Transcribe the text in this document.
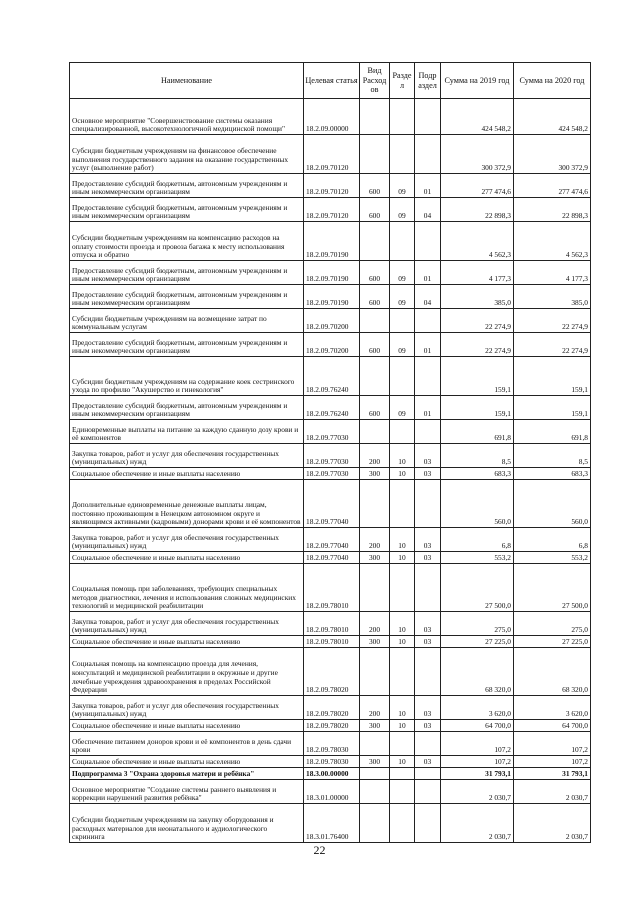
Наименование	Целевая статья	Вид Расход ов	Разде л	Подр аздел	Сумма на 2019 год	Сумма на 2020 год
Основное мероприятие "Совершенствование системы оказания специализированной, высокотехнологичной медицинской помощи"	18.2.09.00000				424 548,2	424 548,2
Субсидии бюджетным учреждениям на финансовое обеспечение выполнения государственного задания на оказание государственных услуг (выполнение работ)	18.2.09.70120				300 372,9	300 372,9
Предоставление субсидий бюджетным, автономным учреждениям и иным некоммерческим организациям	18.2.09.70120	600	09	01	277 474,6	277 474,6
Предоставление субсидий бюджетным, автономным учреждениям и иным некоммерческим организациям	18.2.09.70120	600	09	04	22 898,3	22 898,3
Субсидии бюджетным учреждениям на компенсацию расходов на оплату стоимости проезда и провоза багажа к месту использования отпуска и обратно	18.2.09.70190				4 562,3	4 562,3
Предоставление субсидий бюджетным, автономным учреждениям и иным некоммерческим организациям	18.2.09.70190	600	09	01	4 177,3	4 177,3
Предоставление субсидий бюджетным, автономным учреждениям и иным некоммерческим организациям	18.2.09.70190	600	09	04	385,0	385,0
Субсидии бюджетным учреждениям на возмещение затрат по коммунальным услугам	18.2.09.70200				22 274,9	22 274,9
Предоставление субсидий бюджетным, автономным учреждениям и иным некоммерческим организациям	18.2.09.70200	600	09	01	22 274,9	22 274,9
Субсидии бюджетным учреждениям на содержание коек сестринского ухода по профилю "Акушерство и гинекология"	18.2.09.76240				159,1	159,1
Предоставление субсидий бюджетным, автономным учреждениям и иным некоммерческим организациям	18.2.09.76240	600	09	01	159,1	159,1
Единовременные выплаты на питание за каждую сданную дозу крови и её компонентов	18.2.09.77030				691,8	691,8
Закупка товаров, работ и услуг для обеспечения государственных (муниципальных) нужд	18.2.09.77030	200	10	03	8,5	8,5
Социальное обеспечение и иные выплаты населению	18.2.09.77030	300	10	03	683,3	683,3
Дополнительные единовременные денежные выплаты лицам, постоянно проживающим в Ненецком автономном округе и являющимся активными (кадровыми) донорами крови и её компонентов	18.2.09.77040				560,0	560,0
Закупка товаров, работ и услуг для обеспечения государственных (муниципальных) нужд	18.2.09.77040	200	10	03	6,8	6,8
Социальное обеспечение и иные выплаты населению	18.2.09.77040	300	10	03	553,2	553,2
Социальная помощь при заболеваниях, требующих специальных методов диагностики, лечения и использования сложных медицинских технологий и медицинской реабилитации	18.2.09.78010				27 500,0	27 500,0
Закупка товаров, работ и услуг для обеспечения государственных (муниципальных) нужд	18.2.09.78010	200	10	03	275,0	275,0
Социальное обеспечение и иные выплаты населению	18.2.09.78010	300	10	03	27 225,0	27 225,0
Социальная помощь на компенсацию проезда для лечения, консультаций и медицинской реабилитации в окружные и другие лечебные учреждения здравоохранения в пределах Российской Федерации	18.2.09.78020				68 320,0	68 320,0
Закупка товаров, работ и услуг для обеспечения государственных (муниципальных) нужд	18.2.09.78020	200	10	03	3 620,0	3 620,0
Социальное обеспечение и иные выплаты населению	18.2.09.78020	300	10	03	64 700,0	64 700,0
Обеспечение питанием доноров крови и её компонентов в день сдачи крови	18.2.09.78030				107,2	107,2
Социальное обеспечение и иные выплаты населению	18.2.09.78030	300	10	03	107,2	107,2
Подпрограмма 3 "Охрана здоровья матери и ребёнка"	18.3.00.00000				31 793,1	31 793,1
Основное мероприятие "Создание системы раннего выявления и коррекции нарушений развития ребёнка"	18.3.01.00000				2 030,7	2 030,7
Субсидии бюджетным учреждениям на закупку оборудования и расходных материалов для неонатального и аудиологического скрининга	18.3.01.76400				2 030,7	2 030,7
22
